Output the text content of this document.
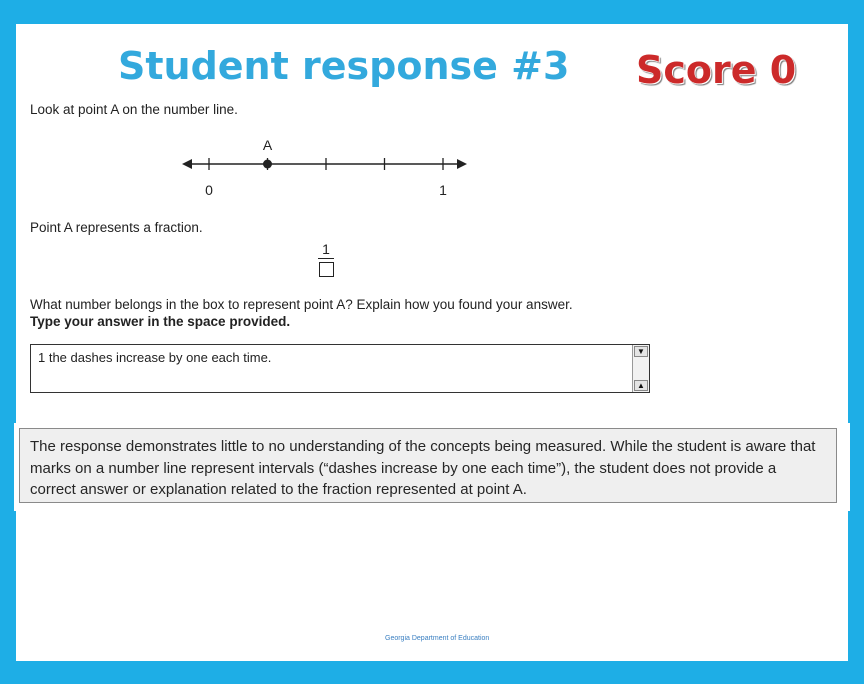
Student response #3 Score 0
Look at point A on the number line.
A
0	1
Point A represents a fraction.
1
What number belongs in the box to represent point A? Explain how you found your answer.
Type your answer in the space provided.
1 the dashes increase by one each time.	▼
▲
The response demonstrates little to no understanding of the concepts being measured. While the student is aware that marks on a number line represent intervals (“dashes increase by one each time”), the student does not provide a correct answer or explanation related to the fraction represented at point A.
Georgia Department of Education
